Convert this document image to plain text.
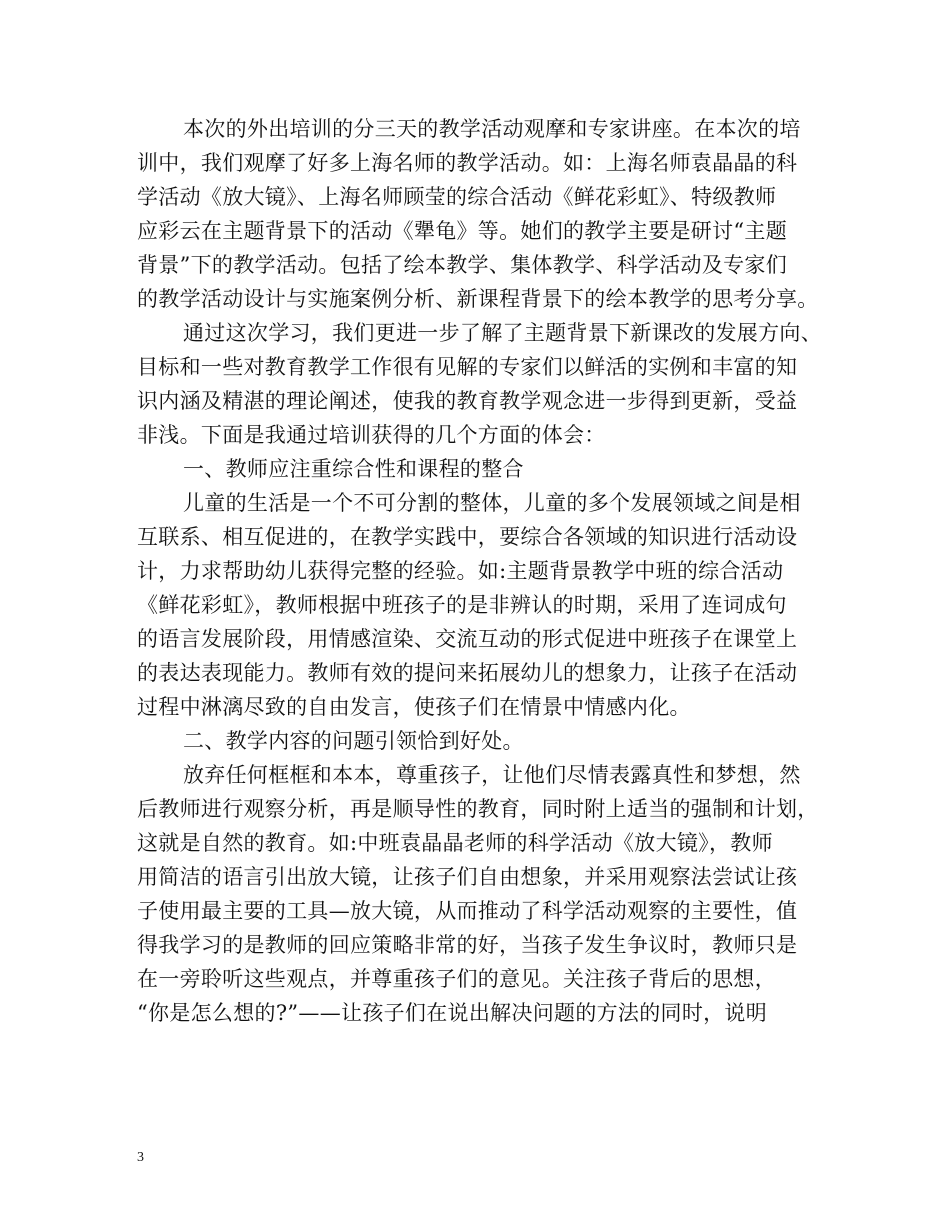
本次的外出培训的分三天的教学活动观摩和专家讲座。在本次的培
训中，我们观摩了好多上海名师的教学活动。如：上海名师袁晶晶的科
学活动《放大镜》、上海名师顾莹的综合活动《鲜花彩虹》、特级教师
应彩云在主题背景下的活动《犟龟》等。她们的教学主要是研讨“主题
背景”下的教学活动。包括了绘本教学、集体教学、科学活动及专家们
的教学活动设计与实施案例分析、新课程背景下的绘本教学的思考分享。
通过这次学习，我们更进一步了解了主题背景下新课改的发展方向、
目标和一些对教育教学工作很有见解的专家们以鲜活的实例和丰富的知
识内涵及精湛的理论阐述，使我的教育教学观念进一步得到更新，受益
非浅。下面是我通过培训获得的几个方面的体会：
一、教师应注重综合性和课程的整合
儿童的生活是一个不可分割的整体，儿童的多个发展领域之间是相
互联系、相互促进的，在教学实践中，要综合各领域的知识进行活动设
计，力求帮助幼儿获得完整的经验。如:主题背景教学中班的综合活动
《鲜花彩虹》，教师根据中班孩子的是非辨认的时期，采用了连词成句
的语言发展阶段，用情感渲染、交流互动的形式促进中班孩子在课堂上
的表达表现能力。教师有效的提问来拓展幼儿的想象力，让孩子在活动
过程中淋漓尽致的自由发言，使孩子们在情景中情感内化。
二、教学内容的问题引领恰到好处。
放弃任何框框和本本，尊重孩子，让他们尽情表露真性和梦想，然
后教师进行观察分析，再是顺导性的教育，同时附上适当的强制和计划，
这就是自然的教育。如:中班袁晶晶老师的科学活动《放大镜》，教师
用简洁的语言引出放大镜，让孩子们自由想象，并采用观察法尝试让孩
子使用最主要的工具—放大镜，从而推动了科学活动观察的主要性，值
得我学习的是教师的回应策略非常的好，当孩子发生争议时，教师只是
在一旁聆听这些观点，并尊重孩子们的意见。关注孩子背后的思想，
“你是怎么想的?”——让孩子们在说出解决问题的方法的同时，说明
3
